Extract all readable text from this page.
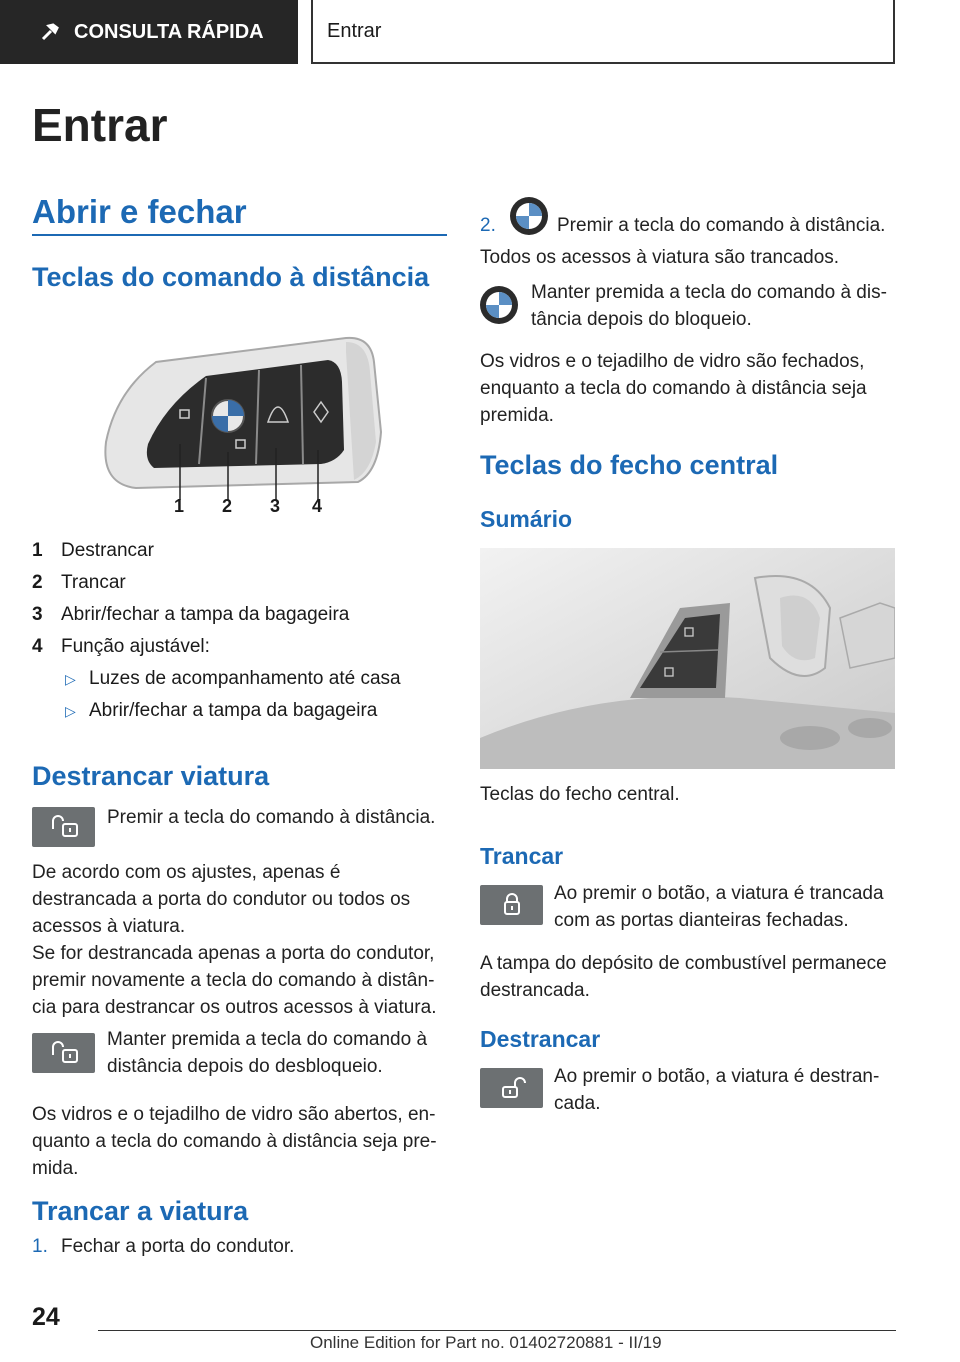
CONSULTA RÁPIDA	Entrar
Entrar
Abrir e fechar
Teclas do comando à distância
1 2 3 4
1 Destrancar
2 Trancar
3 Abrir/fechar a tampa da bagageira
4 Função ajustável:
▷ Luzes de acompanhamento até casa
▷ Abrir/fechar a tampa da bagageira
Destrancar viatura
Premir a tecla do comando à distância.
De acordo com os ajustes, apenas é destrancada a porta do condutor ou todos os acessos à viatura.
Se for destrancada apenas a porta do condutor, premir novamente a tecla do comando à distância para destrancar os outros acessos à viatura.
Manter premida a tecla do comando à distância depois do desbloqueio.
Os vidros e o tejadilho de vidro são abertos, enquanto a tecla do comando à distância seja premida.
Trancar a viatura
1. Fechar a porta do condutor.
2.	Premir a tecla do comando à distância.
Todos os acessos à viatura são trancados.
Manter premida a tecla do comando à distância depois do bloqueio.
Os vidros e o tejadilho de vidro são fechados, enquanto a tecla do comando à distância seja premida.
Teclas do fecho central
Sumário
Teclas do fecho central.
Trancar
Ao premir o botão, a viatura é trancada com as portas dianteiras fechadas.
A tampa do depósito de combustível permanece destrancada.
Destrancar
Ao premir o botão, a viatura é destrancada.
24
Online Edition for Part no. 01402720881 - II/19
